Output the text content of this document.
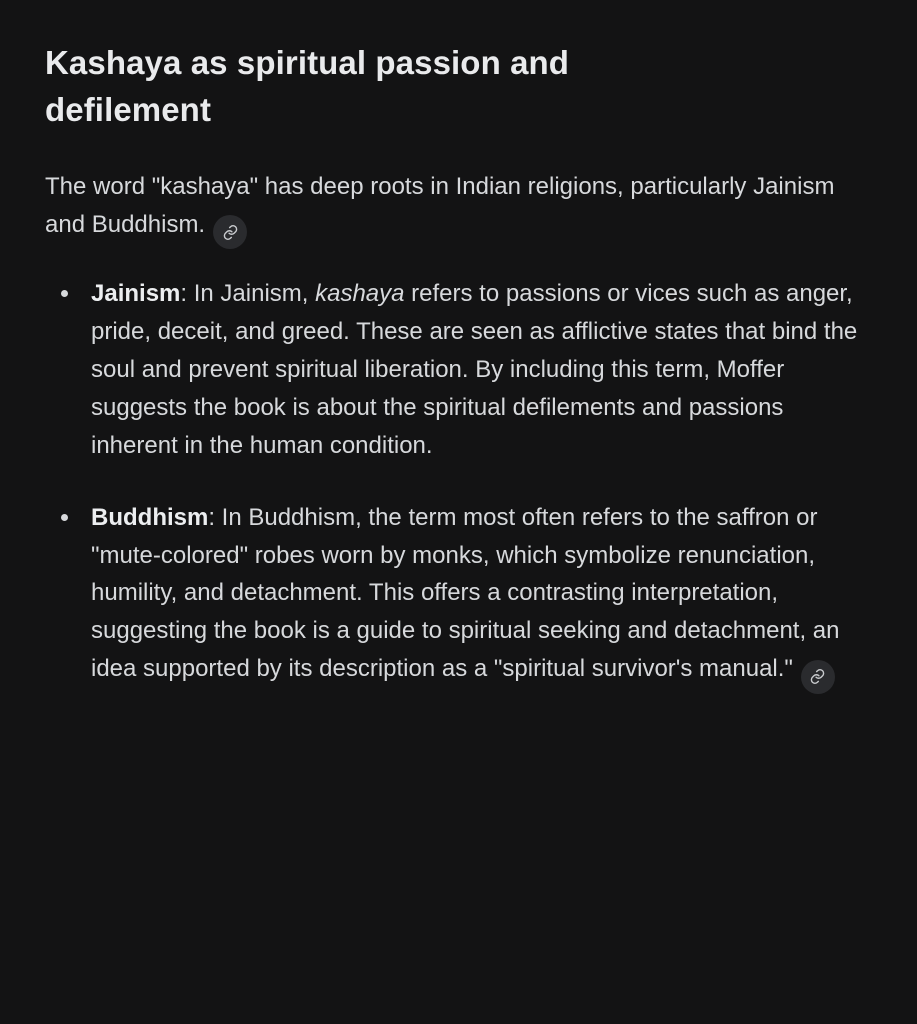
Kashaya as spiritual passion and defilement

The word "kashaya" has deep roots in Indian religions, particularly Jainism and Buddhism.

Jainism: In Jainism, kashaya refers to passions or vices such as anger, pride, deceit, and greed. These are seen as afflictive states that bind the soul and prevent spiritual liberation. By including this term, Moffer suggests the book is about the spiritual defilements and passions inherent in the human condition.
Buddhism: In Buddhism, the term most often refers to the saffron or "mute-colored" robes worn by monks, which symbolize renunciation, humility, and detachment. This offers a contrasting interpretation, suggesting the book is a guide to spiritual seeking and detachment, an idea supported by its description as a "spiritual survivor's manual."
